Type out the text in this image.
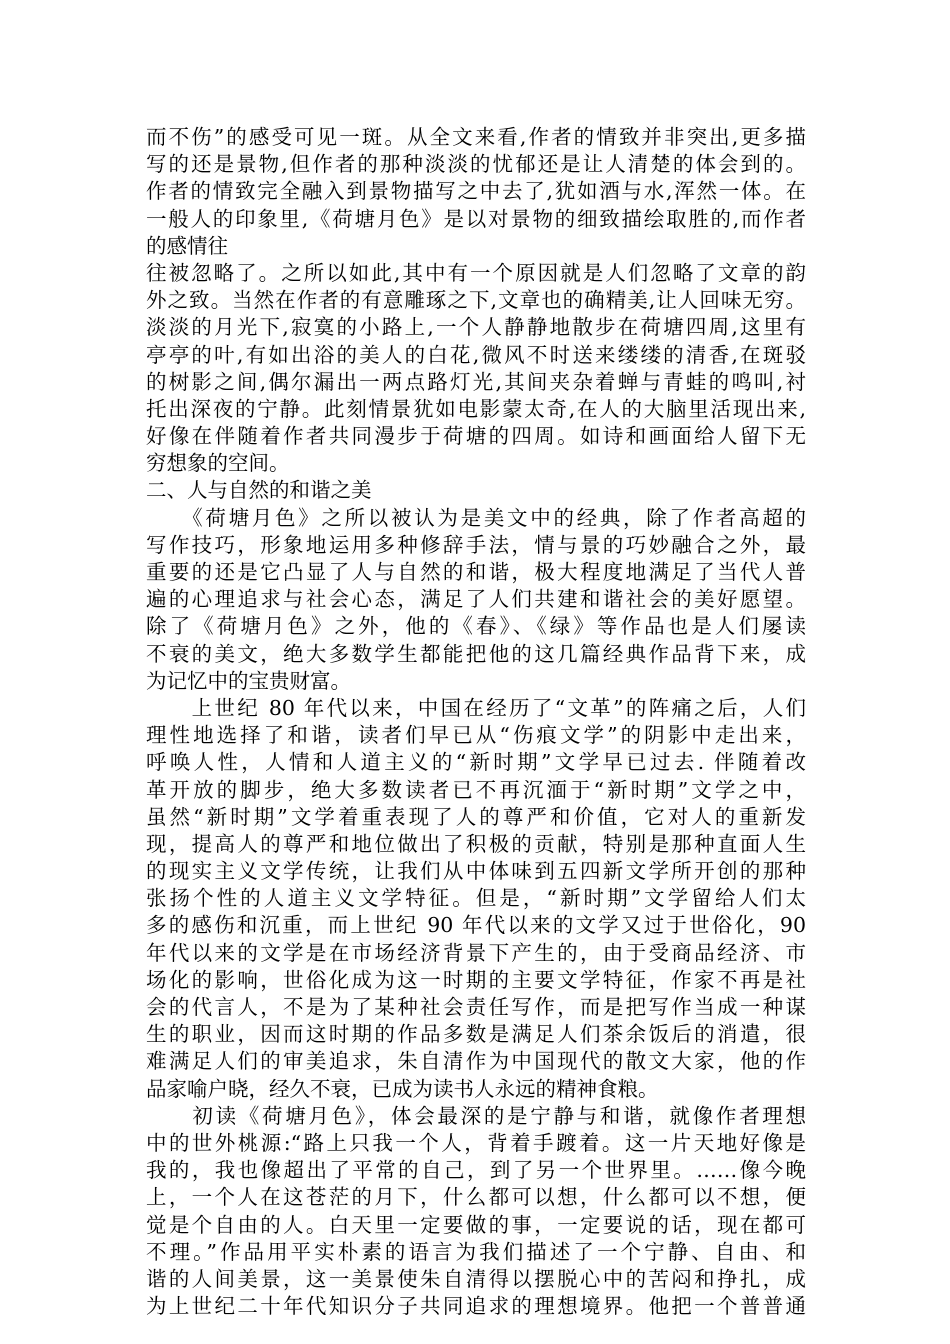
而不伤”的感受可见一斑。从全文来看,作者的情致并非突出,更多描
写的还是景物,但作者的那种淡淡的忧郁还是让人清楚的体会到的。
作者的情致完全融入到景物描写之中去了,犹如酒与水,浑然一体。在
一般人的印象里,《荷塘月色》是以对景物的细致描绘取胜的,而作者
的感情往
往被忽略了。之所以如此,其中有一个原因就是人们忽略了文章的韵
外之致。当然在作者的有意雕琢之下,文章也的确精美,让人回味无穷。
淡淡的月光下,寂寞的小路上,一个人静静地散步在荷塘四周,这里有
亭亭的叶,有如出浴的美人的白花,微风不时送来缕缕的清香,在斑驳
的树影之间,偶尔漏出一两点路灯光,其间夹杂着蝉与青蛙的鸣叫,衬
托出深夜的宁静。此刻情景犹如电影蒙太奇,在人的大脑里活现出来,
好像在伴随着作者共同漫步于荷塘的四周。如诗和画面给人留下无
穷想象的空间。
二、人与自然的和谐之美
　　《荷塘月色》之所以被认为是美文中的经典，除了作者高超的
写作技巧，形象地运用多种修辞手法，情与景的巧妙融合之外，最
重要的还是它凸显了人与自然的和谐，极大程度地满足了当代人普
遍的心理追求与社会心态，满足了人们共建和谐社会的美好愿望。
除了《荷塘月色》之外，他的《春》、《绿》等作品也是人们屡读
不衰的美文，绝大多数学生都能把他的这几篇经典作品背下来，成
为记忆中的宝贵财富。
　　上世纪 80 年代以来，中国在经历了“文革”的阵痛之后，人们
理性地选择了和谐，读者们早已从“伤痕文学”的阴影中走出来，
呼唤人性，人情和人道主义的“新时期”文学早已过去. 伴随着改
革开放的脚步，绝大多数读者已不再沉湎于“新时期”文学之中，
虽然“新时期”文学着重表现了人的尊严和价值，它对人的重新发
现，提高人的尊严和地位做出了积极的贡献，特别是那种直面人生
的现实主义文学传统，让我们从中体味到五四新文学所开创的那种
张扬个性的人道主义文学特征。但是，“新时期”文学留给人们太
多的感伤和沉重，而上世纪 90 年代以来的文学又过于世俗化，90
年代以来的文学是在市场经济背景下产生的，由于受商品经济、市
场化的影响，世俗化成为这一时期的主要文学特征，作家不再是社
会的代言人，不是为了某种社会责任写作，而是把写作当成一种谋
生的职业，因而这时期的作品多数是满足人们茶余饭后的消遣，很
难满足人们的审美追求，朱自清作为中国现代的散文大家，他的作
品家喻户晓，经久不衰，已成为读书人永远的精神食粮。
　　初读《荷塘月色》，体会最深的是宁静与和谐，就像作者理想
中的世外桃源:“路上只我一个人，背着手踱着。这一片天地好像是
我的，我也像超出了平常的自己，到了另一个世界里。……像今晚
上，一个人在这苍茫的月下，什么都可以想，什么都可以不想，便
觉是个自由的人。白天里一定要做的事，一定要说的话，现在都可
不理。”作品用平实朴素的语言为我们描述了一个宁静、自由、和
谐的人间美景，这一美景使朱自清得以摆脱心中的苦闷和挣扎，成
为上世纪二十年代知识分子共同追求的理想境界。他把一个普普通
